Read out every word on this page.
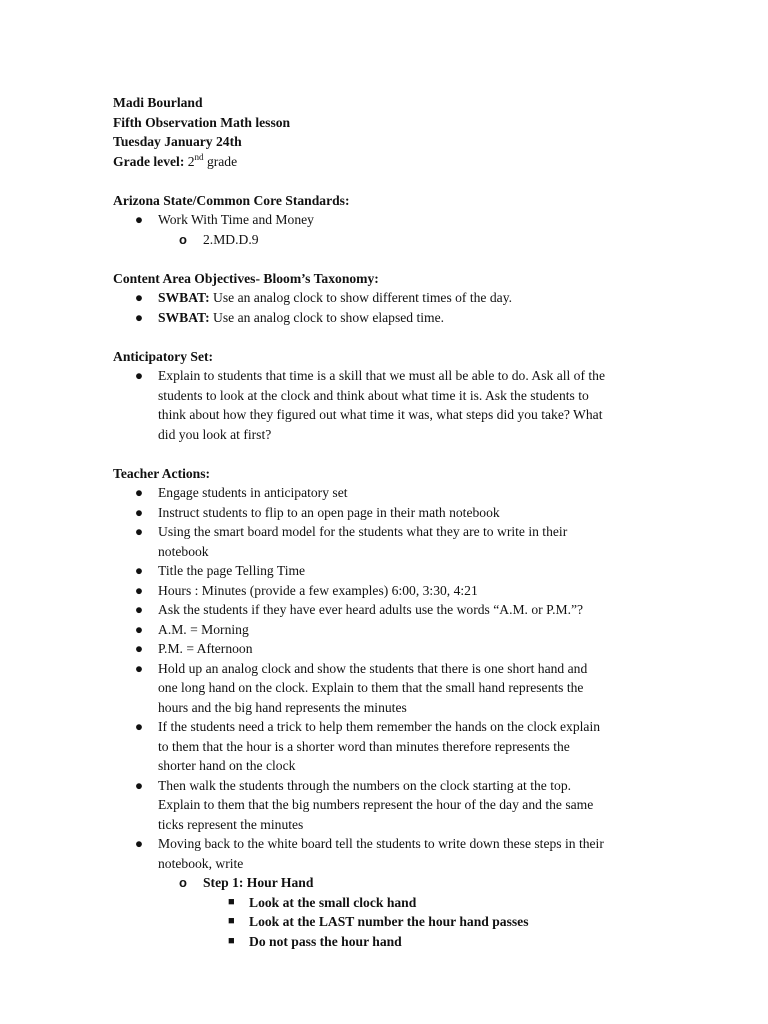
Madi Bourland

Fifth Observation Math lesson

Tuesday January 24th

Grade level: 2nd grade

Arizona State/Common Core Standards:

●	Work With Time and Money

o 2.MD.D.9

Content Area Objectives- Bloom’s Taxonomy:

●	SWBAT: Use an analog clock to show different times of the day.

●	SWBAT: Use an analog clock to show elapsed time.

Anticipatory Set:

●	Explain to students that time is a skill that we must all be able to do. Ask all of the

students to look at the clock and think about what time it is. Ask the students to

think about how they figured out what time it was, what steps did you take? What

did you look at first?

Teacher Actions:

●	Engage students in anticipatory set

●	Instruct students to flip to an open page in their math notebook

●	Using the smart board model for the students what they are to write in their

notebook

●	Title the page Telling Time

●	Hours : Minutes (provide a few examples) 6:00, 3:30, 4:21

●	Ask the students if they have ever heard adults use the words “A.M. or P.M.”?

●	A.M. = Morning

●	P.M. = Afternoon

●	Hold up an analog clock and show the students that there is one short hand and

one long hand on the clock. Explain to them that the small hand represents the

hours and the big hand represents the minutes

●	If the students need a trick to help them remember the hands on the clock explain

to them that the hour is a shorter word than minutes therefore represents the

shorter hand on the clock

●	Then walk the students through the numbers on the clock starting at the top.

Explain to them that the big numbers represent the hour of the day and the same

ticks represent the minutes

●	Moving back to the white board tell the students to write down these steps in their

notebook, write

o Step 1: Hour Hand

■ Look at the small clock hand

■ Look at the LAST number the hour hand passes

■ Do not pass the hour hand
